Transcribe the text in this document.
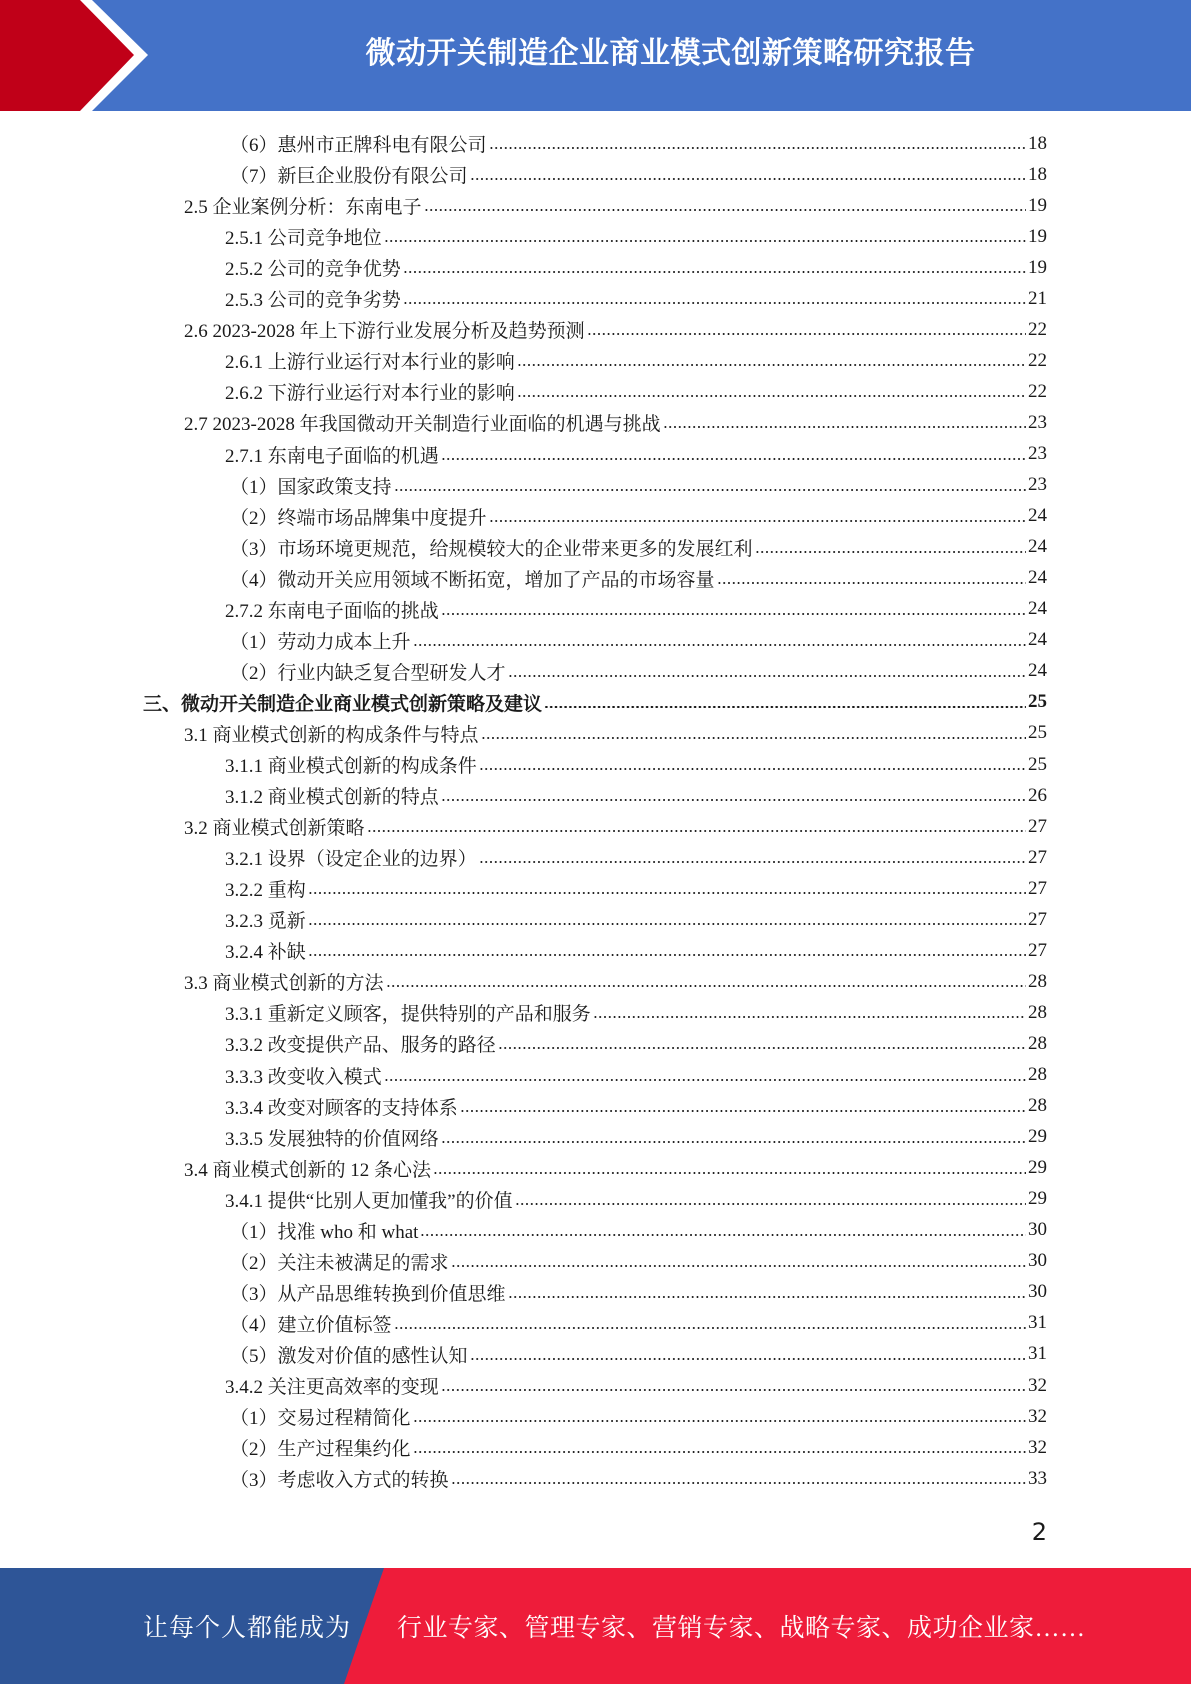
微动开关制造企业商业模式创新策略研究报告
（6）惠州市正牌科电有限公司	18
（7）新巨企业股份有限公司	18
2.5 企业案例分析：东南电子	19
2.5.1 公司竞争地位	19
2.5.2 公司的竞争优势	19
2.5.3 公司的竞争劣势	21
2.6 2023-2028 年上下游行业发展分析及趋势预测	22
2.6.1 上游行业运行对本行业的影响	22
2.6.2 下游行业运行对本行业的影响	22
2.7 2023-2028 年我国微动开关制造行业面临的机遇与挑战	23
2.7.1 东南电子面临的机遇	23
（1）国家政策支持	23
（2）终端市场品牌集中度提升	24
（3）市场环境更规范，给规模较大的企业带来更多的发展红利	24
（4）微动开关应用领域不断拓宽，增加了产品的市场容量	24
2.7.2 东南电子面临的挑战	24
（1）劳动力成本上升	24
（2）行业内缺乏复合型研发人才	24
三、微动开关制造企业商业模式创新策略及建议	25
3.1 商业模式创新的构成条件与特点	25
3.1.1 商业模式创新的构成条件	25
3.1.2 商业模式创新的特点	26
3.2 商业模式创新策略	27
3.2.1 设界（设定企业的边界）	27
3.2.2 重构	27
3.2.3 觅新	27
3.2.4 补缺	27
3.3 商业模式创新的方法	28
3.3.1 重新定义顾客，提供特别的产品和服务	28
3.3.2 改变提供产品、服务的路径	28
3.3.3 改变收入模式	28
3.3.4 改变对顾客的支持体系	28
3.3.5 发展独特的价值网络	29
3.4 商业模式创新的 12 条心法	29
3.4.1 提供“比别人更加懂我”的价值	29
（1）找准 who 和 what	30
（2）关注未被满足的需求	30
（3）从产品思维转换到价值思维	30
（4）建立价值标签	31
（5）激发对价值的感性认知	31
3.4.2 关注更高效率的变现	32
（1）交易过程精简化	32
（2）生产过程集约化	32
（3）考虑收入方式的转换	33
2
让每个人都能成为 行业专家、管理专家、营销专家、战略专家、成功企业家……
